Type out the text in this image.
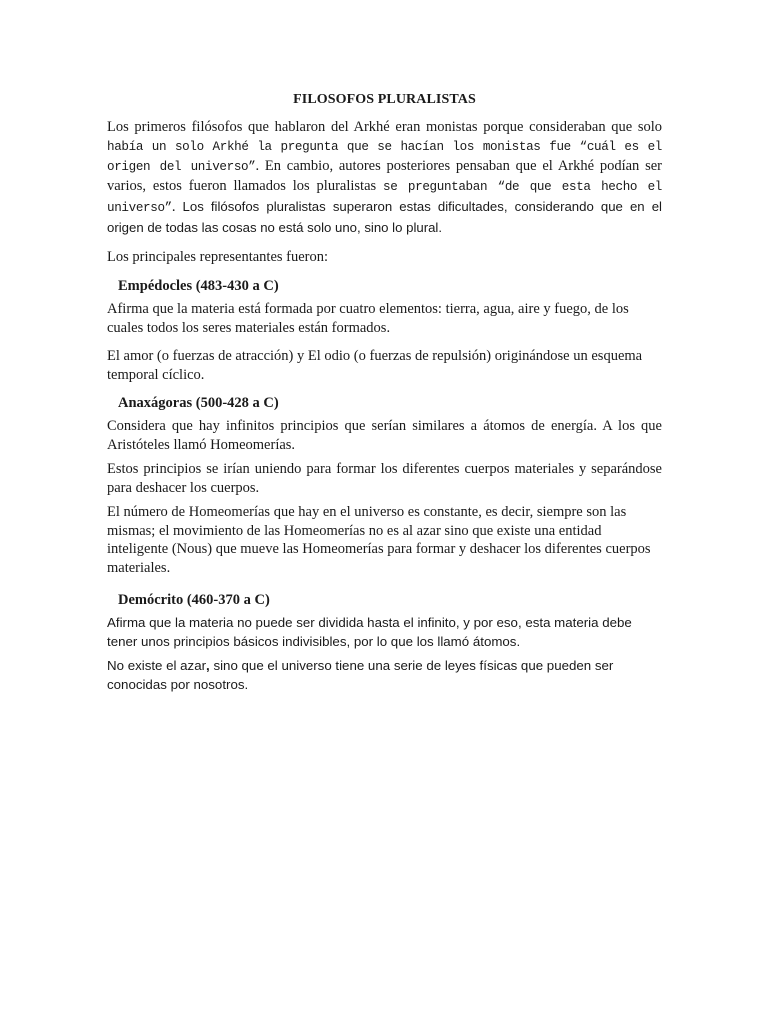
FILOSOFOS PLURALISTAS

Los primeros filósofos que hablaron del Arkhé eran monistas porque consideraban que solo había un solo Arkhé la pregunta que se hacían los monistas fue “cuál es el origen del universo”. En cambio, autores posteriores pensaban que el Arkhé podían ser varios, estos fueron llamados los pluralistas se preguntaban “de que esta hecho el universo”. Los filósofos pluralistas superaron estas dificultades, considerando que en el origen de todas las cosas no está solo uno, sino lo plural.

Los principales representantes fueron:

Empédocles (483-430 a C)

Afirma que la materia está formada por cuatro elementos: tierra, agua, aire y fuego, de los cuales todos los seres materiales están formados.

El amor (o fuerzas de atracción) y El odio (o fuerzas de repulsión) originándose un esquema temporal cíclico.

Anaxágoras (500-428 a C)

Considera que hay infinitos principios que serían similares a átomos de energía. A los que Aristóteles llamó Homeomerías.

Estos principios se irían uniendo para formar los diferentes cuerpos materiales y separándose para deshacer los cuerpos.

El número de Homeomerías que hay en el universo es constante, es decir, siempre son las mismas; el movimiento de las Homeomerías no es al azar sino que existe una entidad inteligente (Nous) que mueve las Homeomerías para formar y deshacer los diferentes cuerpos materiales.

Demócrito (460-370 a C)

Afirma que la materia no puede ser dividida hasta el infinito, y por eso, esta materia debe tener unos principios básicos indivisibles, por lo que los llamó átomos.

No existe el azar, sino que el universo tiene una serie de leyes físicas que pueden ser conocidas por nosotros.
